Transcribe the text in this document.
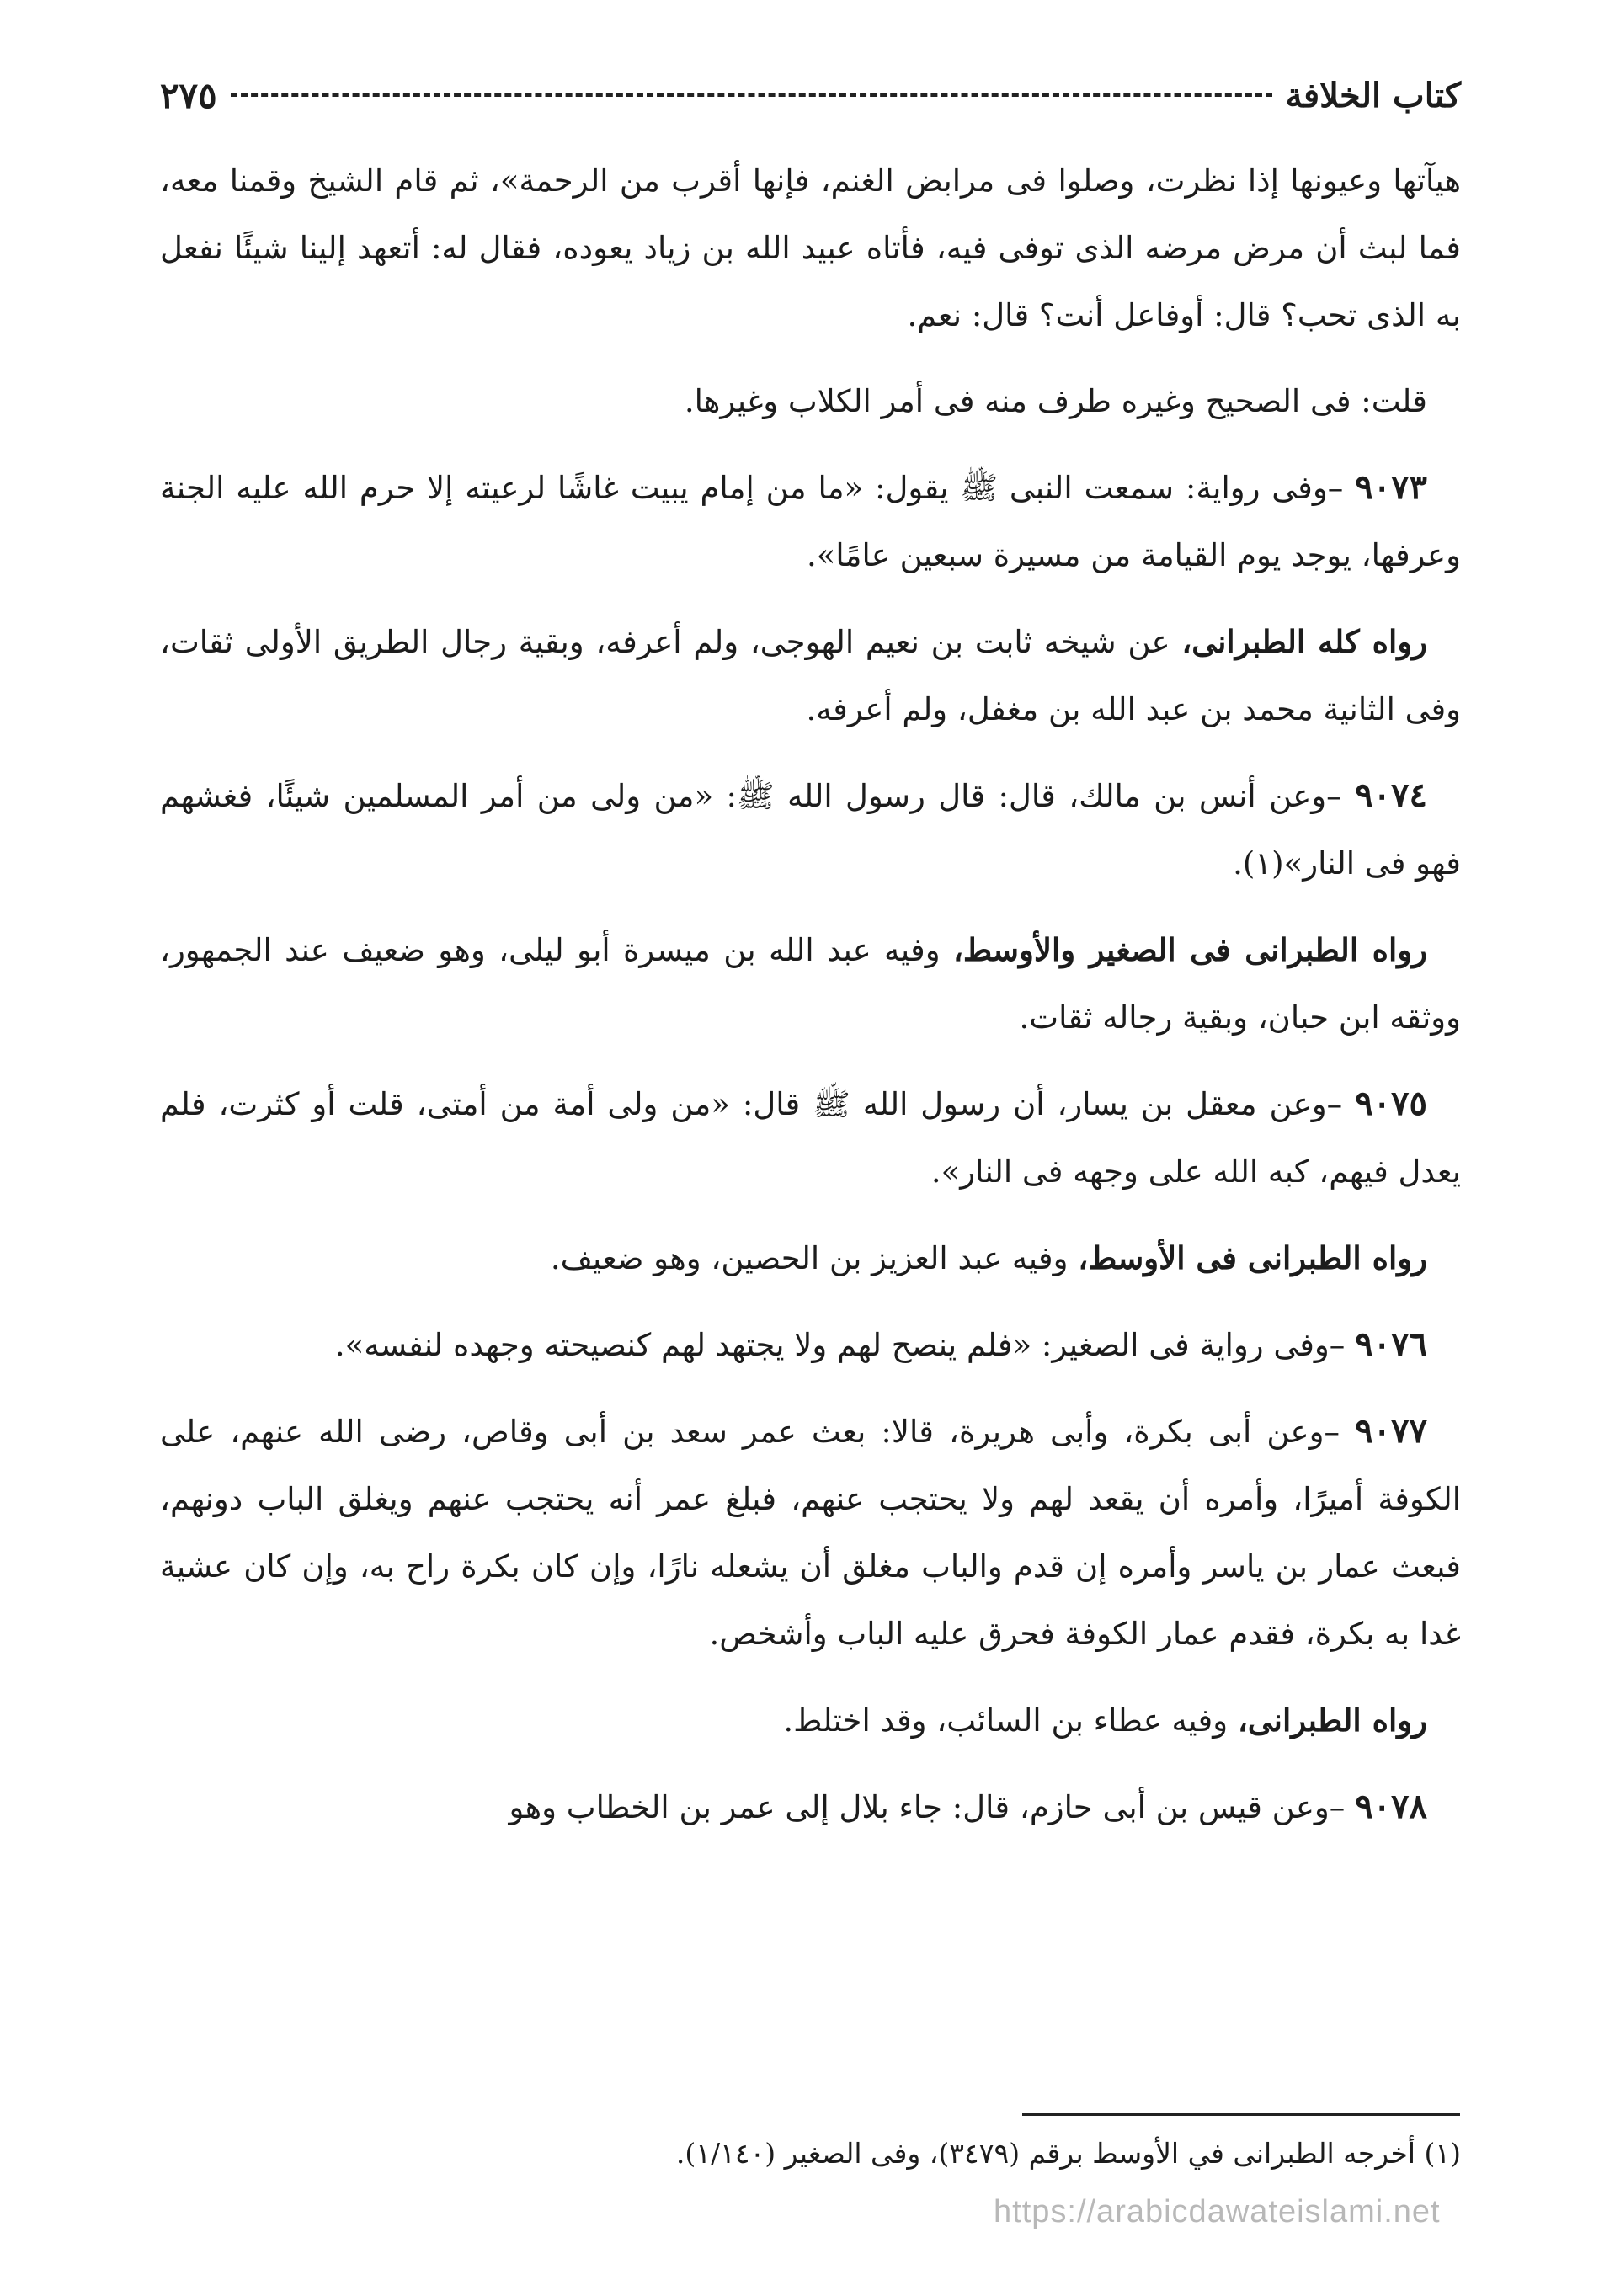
كتاب الخلافة
٢٧٥

هيآتها وعيونها إذا نظرت، وصلوا فى مرابض الغنم، فإنها أقرب من الرحمة»، ثم قام الشيخ وقمنا معه، فما لبث أن مرض مرضه الذى توفى فيه، فأتاه عبيد الله بن زياد يعوده، فقال له: أتعهد إلينا شيئًا نفعل به الذى تحب؟ قال: أوفاعل أنت؟ قال: نعم.

قلت: فى الصحيح وغيره طرف منه فى أمر الكلاب وغيرها.

٩٠٧٣ –وفى رواية: سمعت النبى ﷺ يقول: «ما من إمام يبيت غاشًا لرعيته إلا حرم الله عليه الجنة وعرفها، يوجد يوم القيامة من مسيرة سبعين عامًا».

رواه كله الطبرانى، عن شيخه ثابت بن نعيم الهوجى، ولم أعرفه، وبقية رجال الطريق الأولى ثقات، وفى الثانية محمد بن عبد الله بن مغفل، ولم أعرفه.

٩٠٧٤ –وعن أنس بن مالك، قال: قال رسول الله ﷺ: «من ولى من أمر المسلمين شيئًا، فغشهم فهو فى النار»(١).

رواه الطبرانى فى الصغير والأوسط، وفيه عبد الله بن ميسرة أبو ليلى، وهو ضعيف عند الجمهور، ووثقه ابن حبان، وبقية رجاله ثقات.

٩٠٧٥ –وعن معقل بن يسار، أن رسول الله ﷺ قال: «من ولى أمة من أمتى، قلت أو كثرت، فلم يعدل فيهم، كبه الله على وجهه فى النار».

رواه الطبرانى فى الأوسط، وفيه عبد العزيز بن الحصين، وهو ضعيف.

٩٠٧٦ –وفى رواية فى الصغير: «فلم ينصح لهم ولا يجتهد لهم كنصيحته وجهده لنفسه».

٩٠٧٧ –وعن أبى بكرة، وأبى هريرة، قالا: بعث عمر سعد بن أبى وقاص، رضى الله عنهم، على الكوفة أميرًا، وأمره أن يقعد لهم ولا يحتجب عنهم، فبلغ عمر أنه يحتجب عنهم ويغلق الباب دونهم، فبعث عمار بن ياسر وأمره إن قدم والباب مغلق أن يشعله نارًا، وإن كان بكرة راح به، وإن كان عشية غدا به بكرة، فقدم عمار الكوفة فحرق عليه الباب وأشخص.

رواه الطبرانى، وفيه عطاء بن السائب، وقد اختلط.

٩٠٧٨ –وعن قيس بن أبى حازم، قال: جاء بلال إلى عمر بن الخطاب وهو

(١) أخرجه الطبرانى في الأوسط برقم (٣٤٧٩)، وفى الصغير (١/١٤٠).
https://arabicdawateislami.net
